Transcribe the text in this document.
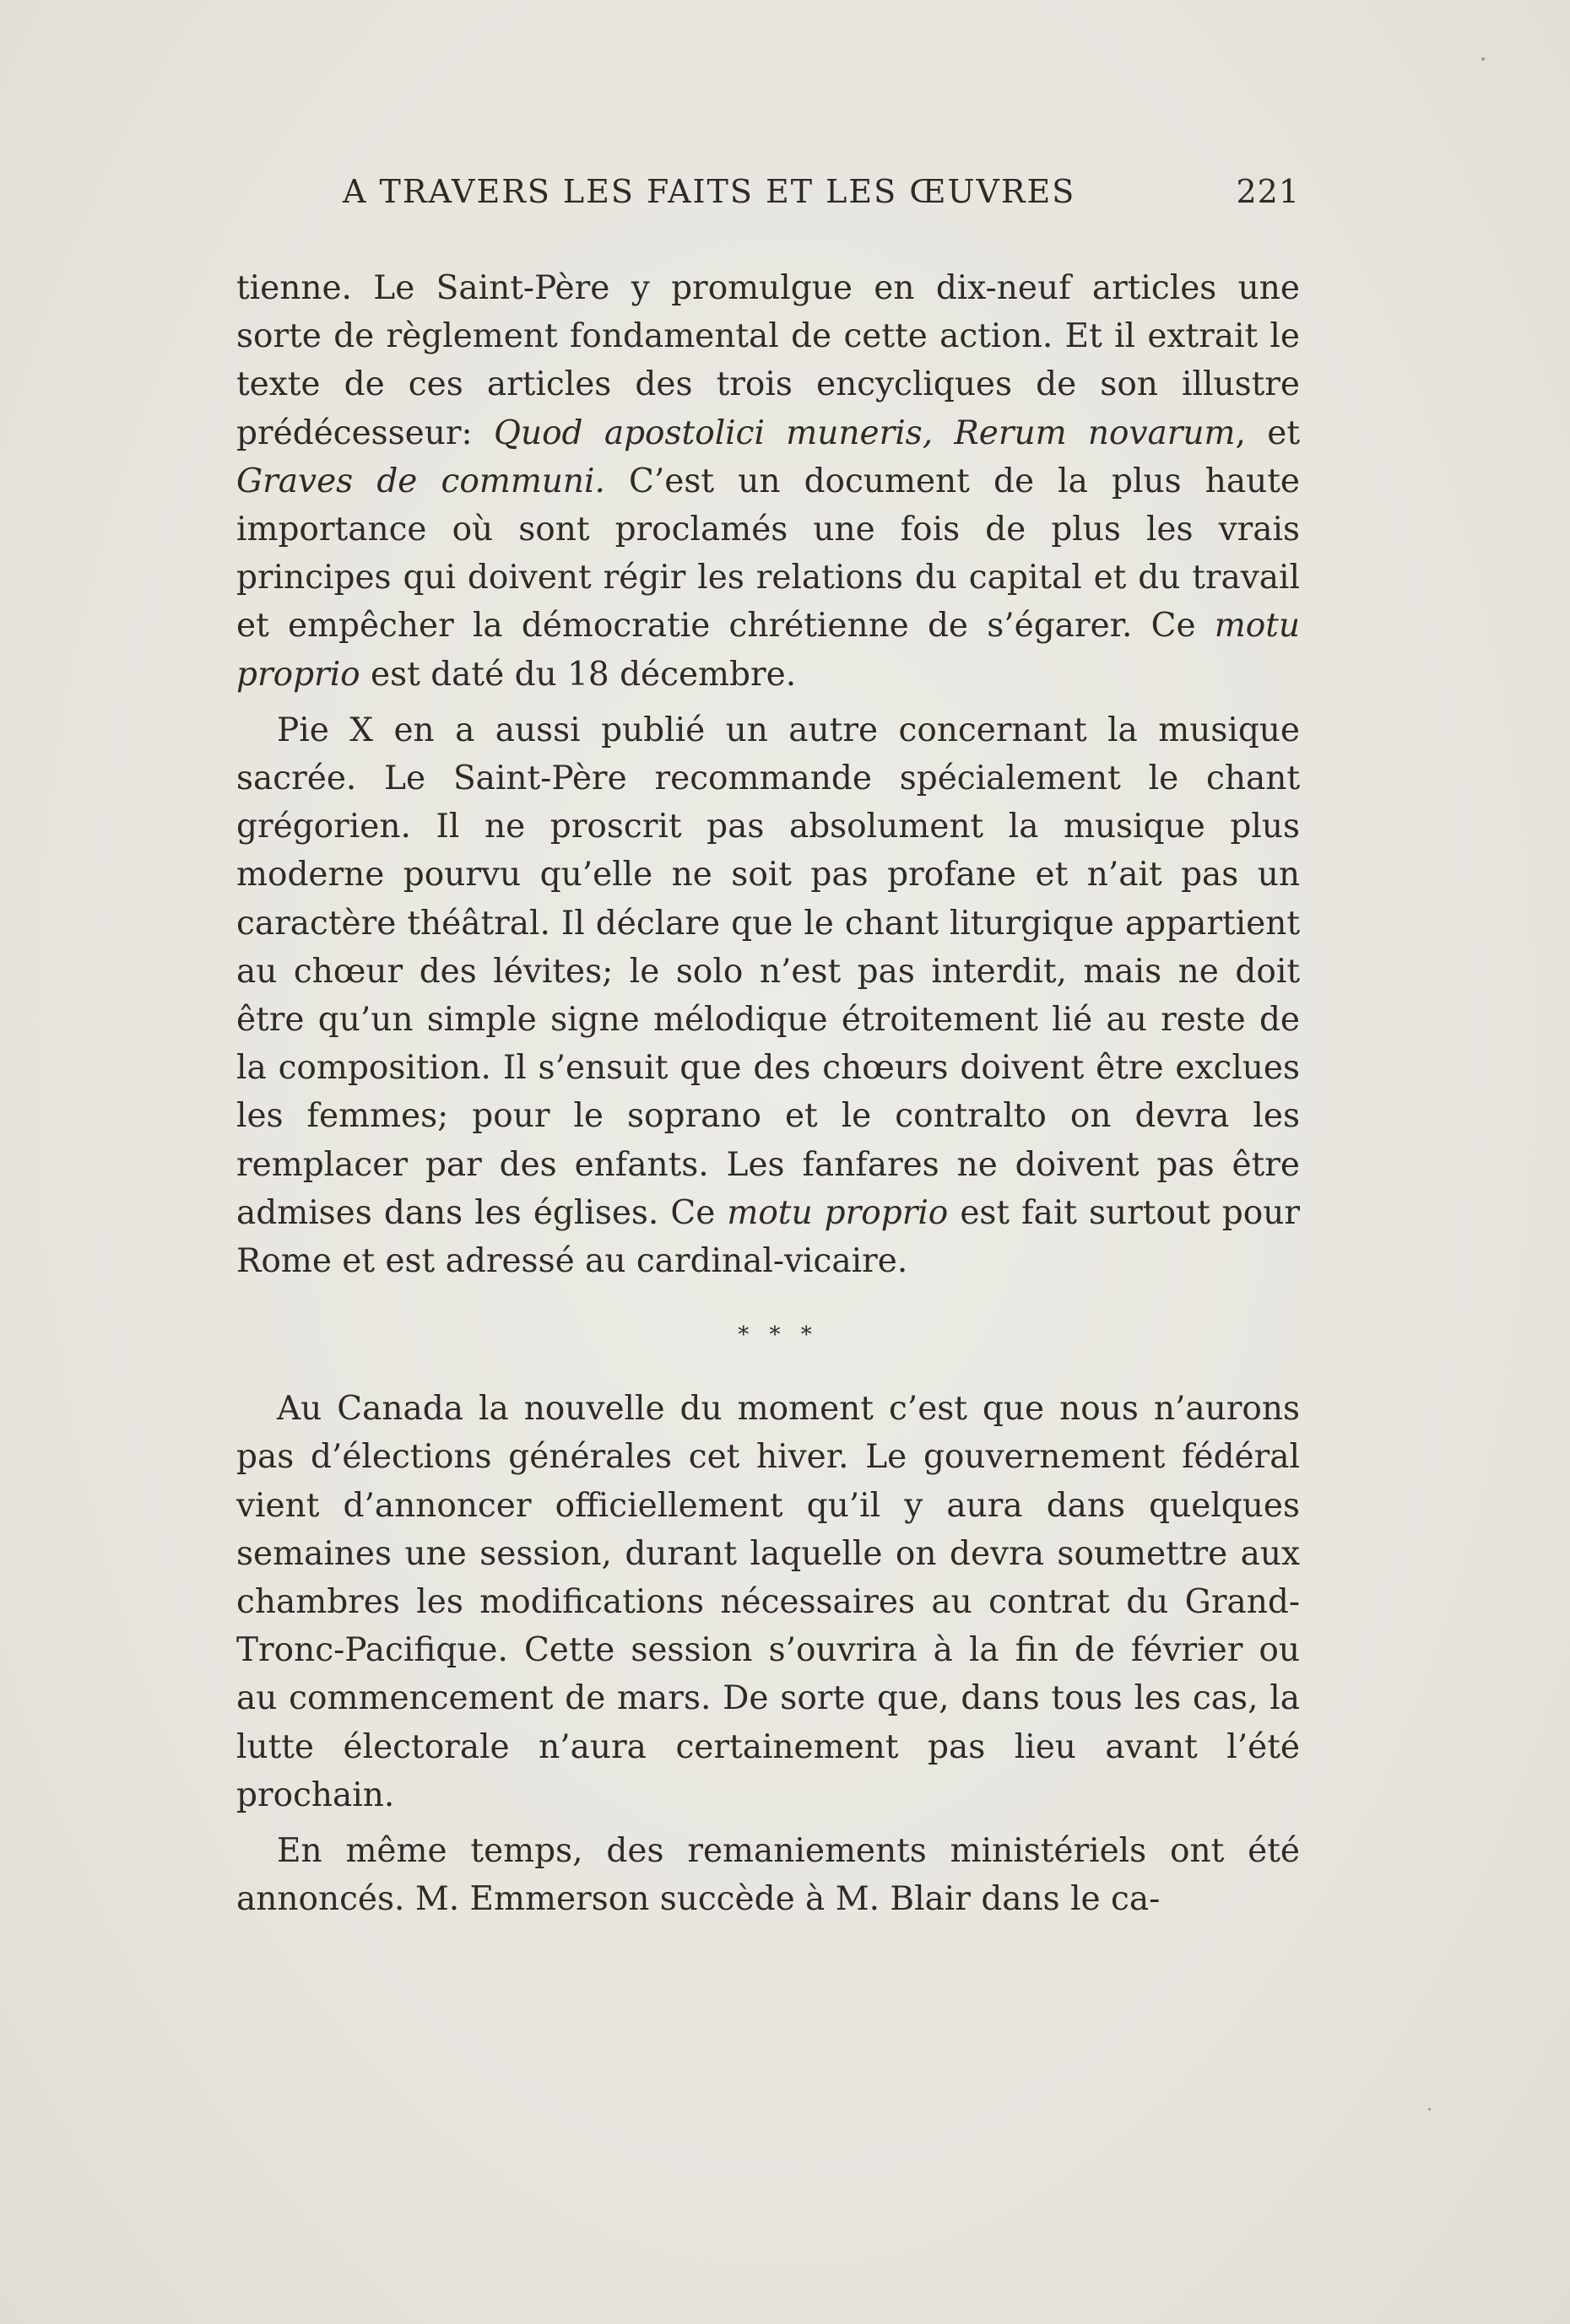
A TRAVERS LES FAITS ET LES ŒUVRES	221

tienne. Le Saint-Père y promulgue en dix-neuf articles une sorte de règlement fondamental de cette action. Et il extrait le texte de ces articles des trois encycliques de son illustre prédécesseur: Quod apostolici muneris, Rerum novarum, et Graves de communi. C’est un document de la plus haute importance où sont proclamés une fois de plus les vrais principes qui doivent régir les relations du capital et du travail et empêcher la démocratie chrétienne de s’égarer. Ce motu proprio est daté du 18 décembre.

Pie X en a aussi publié un autre concernant la musique sacrée. Le Saint-Père recommande spécialement le chant grégorien. Il ne proscrit pas absolument la musique plus moderne pourvu qu’elle ne soit pas profane et n’ait pas un caractère théâtral. Il déclare que le chant liturgique appartient au chœur des lévites; le solo n’est pas interdit, mais ne doit être qu’un simple signe mélodique étroitement lié au reste de la composition. Il s’ensuit que des chœurs doivent être exclues les femmes; pour le soprano et le contralto on devra les remplacer par des enfants. Les fanfares ne doivent pas être admises dans les églises. Ce motu proprio est fait surtout pour Rome et est adressé au cardinal-vicaire.

* * *

Au Canada la nouvelle du moment c’est que nous n’aurons pas d’élections générales cet hiver. Le gouvernement fédéral vient d’annoncer officiellement qu’il y aura dans quelques semaines une session, durant laquelle on devra soumettre aux chambres les modifications nécessaires au contrat du Grand-Tronc-Pacifique. Cette session s’ouvrira à la fin de février ou au commencement de mars. De sorte que, dans tous les cas, la lutte électorale n’aura certainement pas lieu avant l’été prochain.

En même temps, des remaniements ministériels ont été annoncés. M. Emmerson succède à M. Blair dans le ca-
